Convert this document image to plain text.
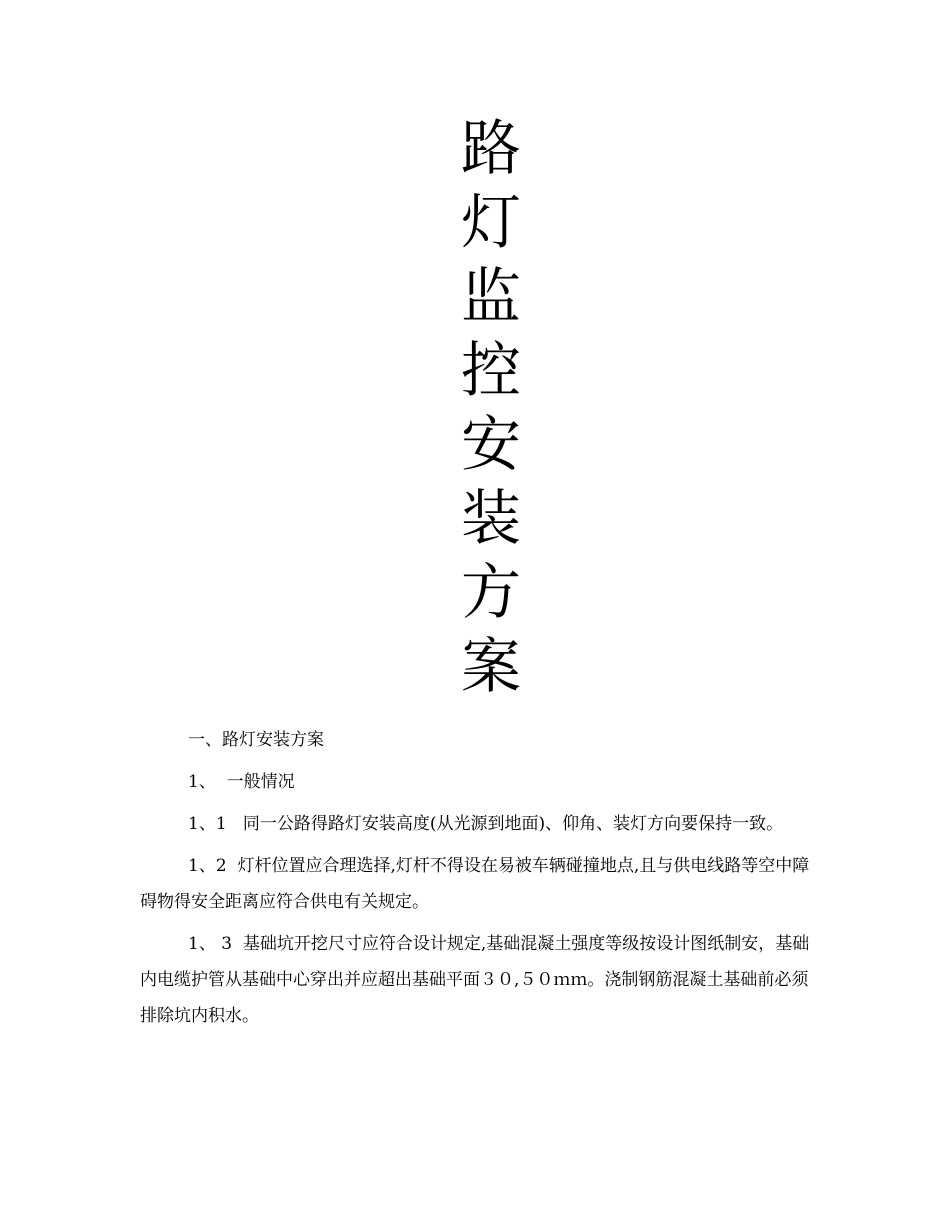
路
灯
监
控
安
装
方
案

一、路灯安装方案

1、  一般情况

1、1   同一公路得路灯安装高度(从光源到地面)、仰角、装灯方向要保持一致。

1、2  灯杆位置应合理选择,灯杆不得设在易被车辆碰撞地点,且与供电线路等空中障碍物得安全距离应符合供电有关规定。

1、 3  基础坑开挖尺寸应符合设计规定,基础混凝土强度等级按设计图纸制安，基础内电缆护管从基础中心穿出并应超出基础平面３０,５０ｍｍ。浇制钢筋混凝土基础前必须排除坑内积水。
